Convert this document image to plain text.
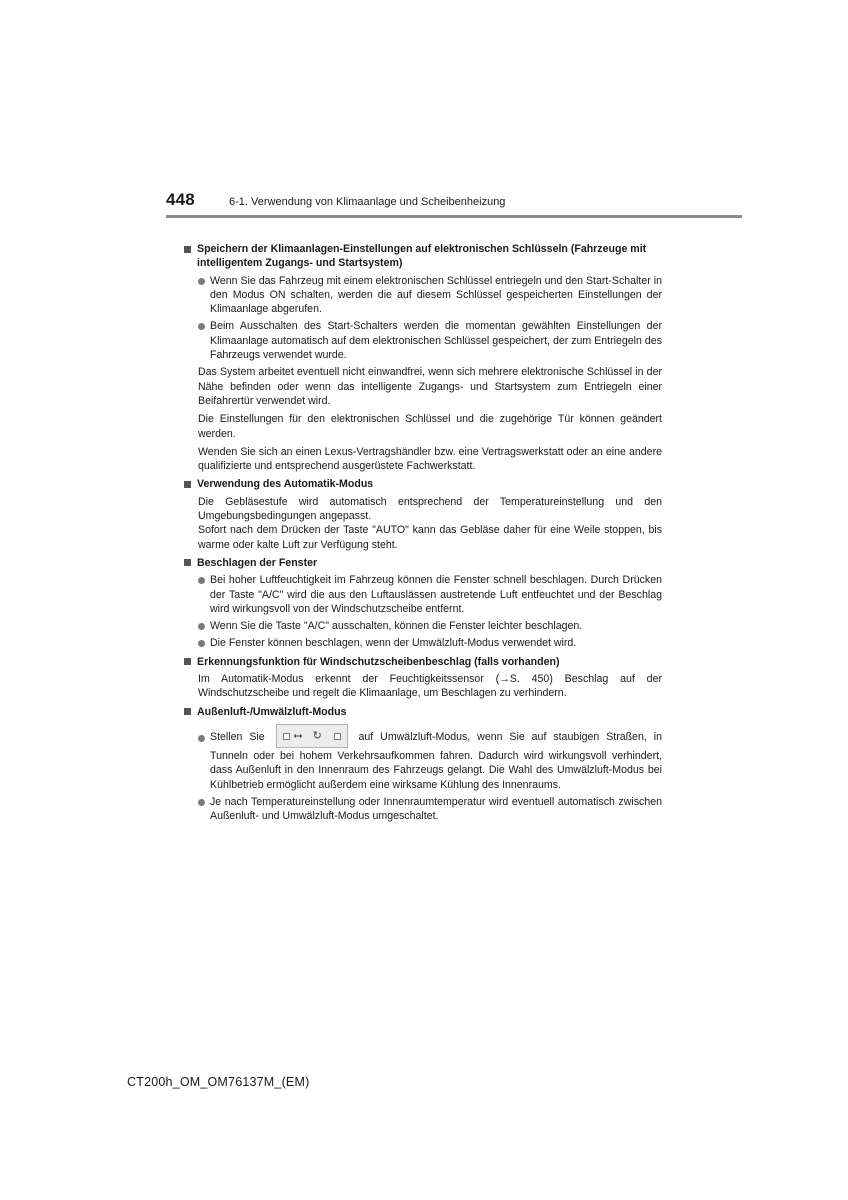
448	6-1. Verwendung von Klimaanlage und Scheibenheizung
Speichern der Klimaanlagen-Einstellungen auf elektronischen Schlüsseln (Fahrzeuge mit intelligentem Zugangs- und Startsystem)
Wenn Sie das Fahrzeug mit einem elektronischen Schlüssel entriegeln und den Start-Schalter in den Modus ON schalten, werden die auf diesem Schlüssel gespeicherten Einstellungen der Klimaanlage abgerufen.
Beim Ausschalten des Start-Schalters werden die momentan gewählten Einstellungen der Klimaanlage automatisch auf dem elektronischen Schlüssel gespeichert, der zum Entriegeln des Fahrzeugs verwendet wurde.
Das System arbeitet eventuell nicht einwandfrei, wenn sich mehrere elektronische Schlüssel in der Nähe befinden oder wenn das intelligente Zugangs- und Startsystem zum Entriegeln einer Beifahrertür verwendet wird.
Die Einstellungen für den elektronischen Schlüssel und die zugehörige Tür können geändert werden.
Wenden Sie sich an einen Lexus-Vertragshändler bzw. eine Vertragswerkstatt oder an eine andere qualifizierte und entsprechend ausgerüstete Fachwerkstatt.
Verwendung des Automatik-Modus
Die Gebläsestufe wird automatisch entsprechend der Temperatureinstellung und den Umgebungsbedingungen angepasst.
Sofort nach dem Drücken der Taste "AUTO" kann das Gebläse daher für eine Weile stoppen, bis warme oder kalte Luft zur Verfügung steht.
Beschlagen der Fenster
Bei hoher Luftfeuchtigkeit im Fahrzeug können die Fenster schnell beschlagen. Durch Drücken der Taste "A/C" wird die aus den Luftauslässen austretende Luft entfeuchtet und der Beschlag wird wirkungsvoll von der Windschutzscheibe entfernt.
Wenn Sie die Taste "A/C" ausschalten, können die Fenster leichter beschlagen.
Die Fenster können beschlagen, wenn der Umwälzluft-Modus verwendet wird.
Erkennungsfunktion für Windschutzscheibenbeschlag (falls vorhanden)
Im Automatik-Modus erkennt der Feuchtigkeitssensor (→S. 450) Beschlag auf der Windschutzscheibe und regelt die Klimaanlage, um Beschlagen zu verhindern.
Außenluft-/Umwälzluft-Modus
Stellen Sie	⭤ ↻	auf Umwälzluft-Modus, wenn Sie auf staubigen Straßen, in Tunneln oder bei hohem Verkehrsaufkommen fahren. Dadurch wird wirkungsvoll verhindert, dass Außenluft in den Innenraum des Fahrzeugs gelangt. Die Wahl des Umwälzluft-Modus bei Kühlbetrieb ermöglicht außerdem eine wirksame Kühlung des Innenraums.
Je nach Temperatureinstellung oder Innenraumtemperatur wird eventuell automatisch zwischen Außenluft- und Umwälzluft-Modus umgeschaltet.
CT200h_OM_OM76137M_(EM)
